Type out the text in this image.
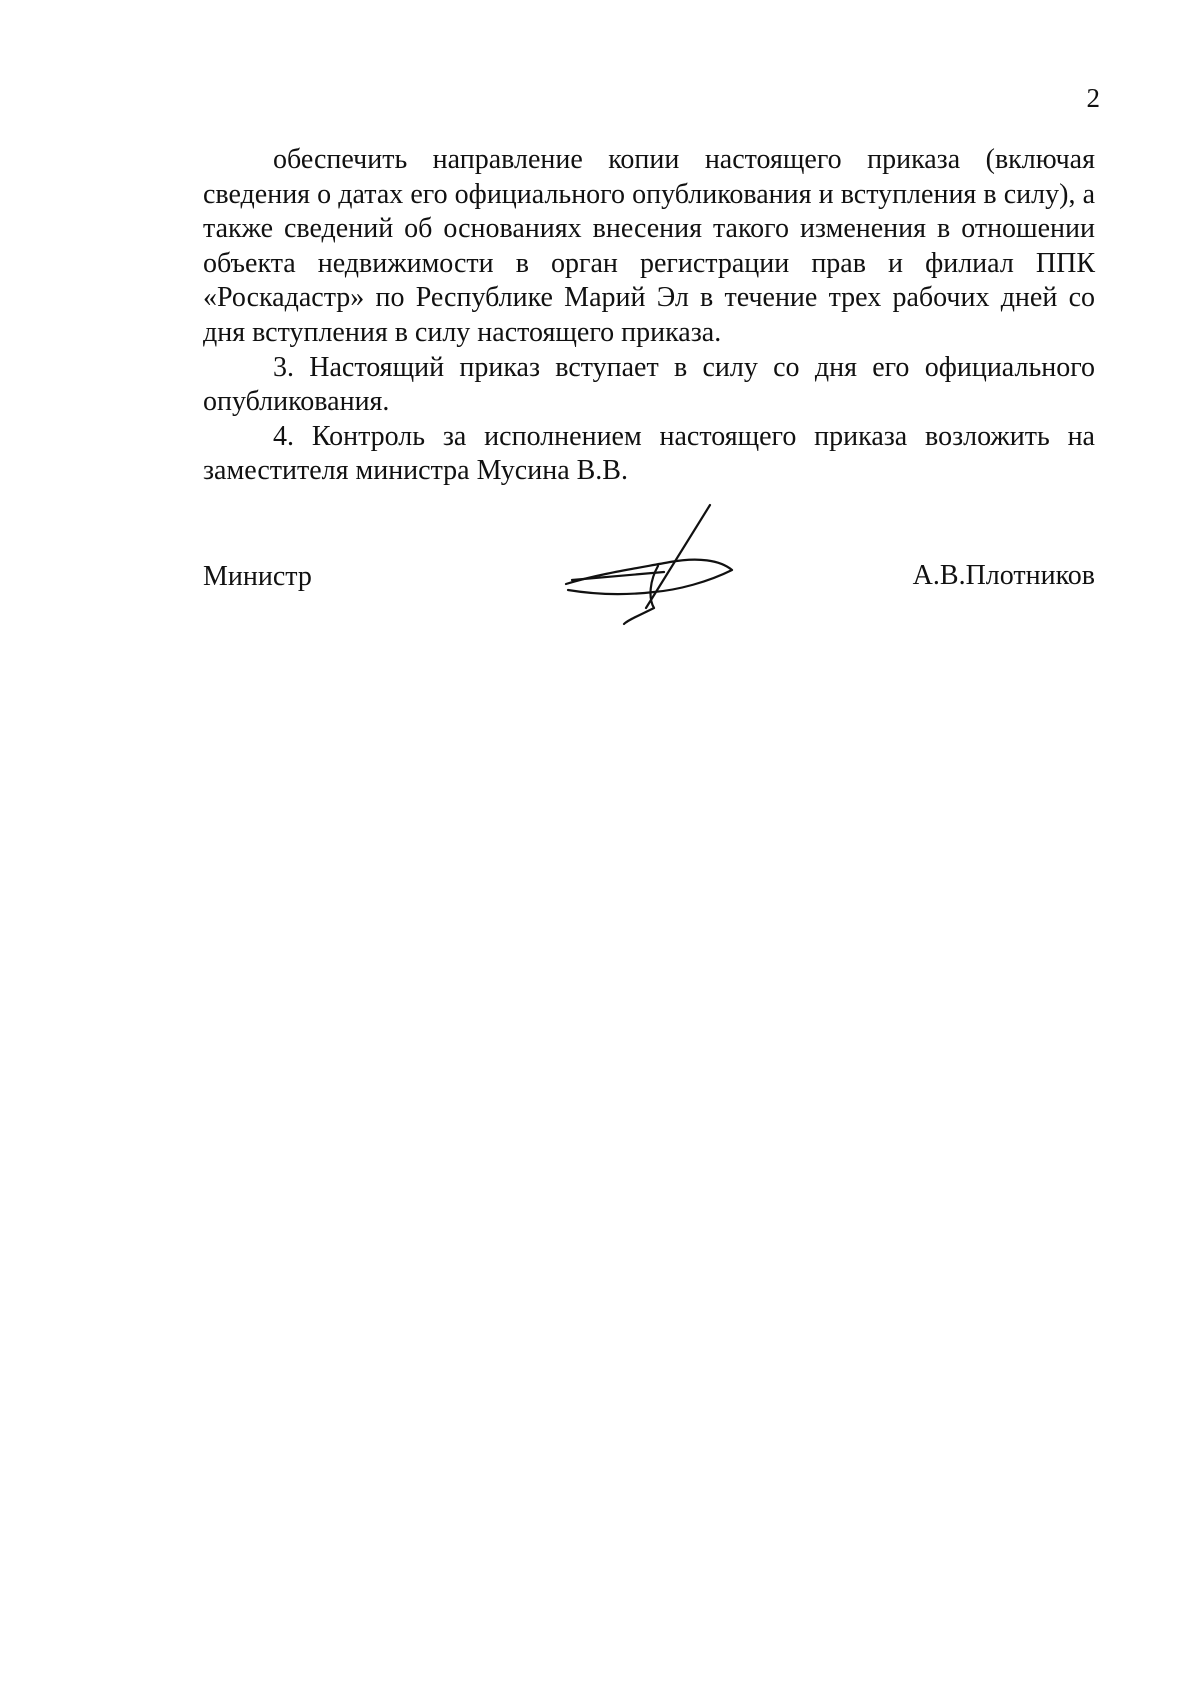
2

обеспечить направление копии настоящего приказа (включая сведения о датах его официального опубликования и вступления в силу), а также сведений об основаниях внесения такого изменения в отношении объекта недвижимости в орган регистрации прав и филиал ППК «Роскадастр» по Республике Марий Эл в течение трех рабочих дней со дня вступления в силу настоящего приказа.

3. Настоящий приказ вступает в силу со дня его официального опубликования.

4. Контроль за исполнением настоящего приказа возложить на заместителя министра Мусина В.В.

Министр	А.В.Плотников
